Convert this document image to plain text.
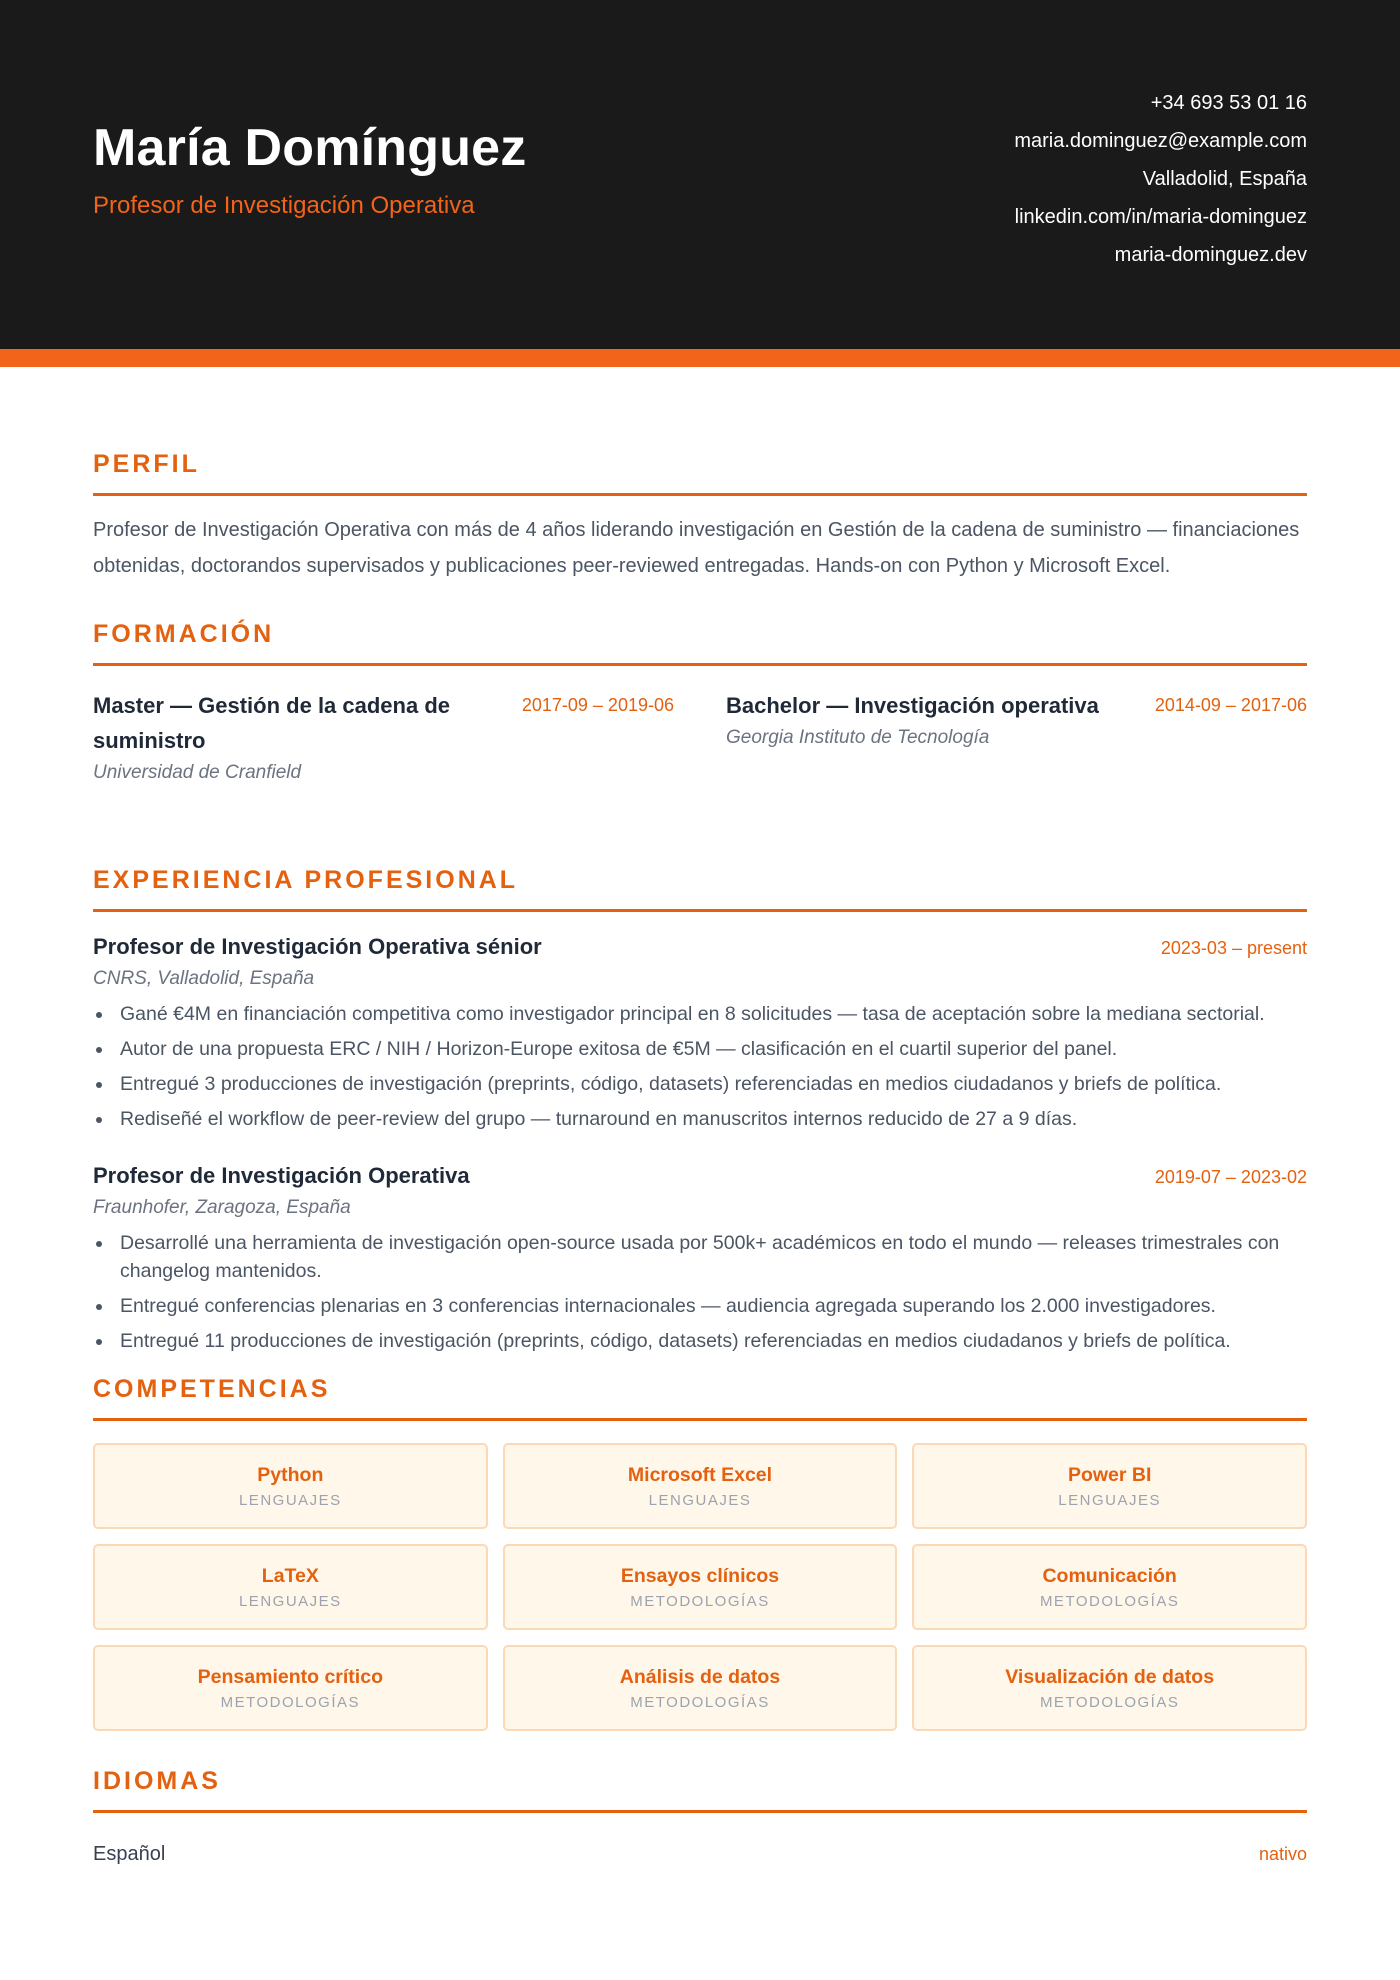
María Domínguez
Profesor de Investigación Operativa
+34 693 53 01 16
maria.dominguez@example.com
Valladolid, España
linkedin.com/in/maria-dominguez
maria-dominguez.dev
PERFIL

Profesor de Investigación Operativa con más de 4 años liderando investigación en Gestión de la cadena de suministro — financiaciones obtenidas, doctorandos supervisados y publicaciones peer-reviewed entregadas. Hands-on con Python y Microsoft Excel.

FORMACIÓN
Master — Gestión de la cadena de suministro
2017-09 – 2019-06
Universidad de Cranfield
Bachelor — Investigación operativa	2014-09 – 2017-06
Georgia Instituto de Tecnología
EXPERIENCIA PROFESIONAL
Profesor de Investigación Operativa sénior	2023-03 – present
CNRS, Valladolid, España
Gané €4M en financiación competitiva como investigador principal en 8 solicitudes — tasa de aceptación sobre la mediana sectorial.
Autor de una propuesta ERC / NIH / Horizon-Europe exitosa de €5M — clasificación en el cuartil superior del panel.
Entregué 3 producciones de investigación (preprints, código, datasets) referenciadas en medios ciudadanos y briefs de política.
Rediseñé el workflow de peer-review del grupo — turnaround en manuscritos internos reducido de 27 a 9 días.
Profesor de Investigación Operativa	2019-07 – 2023-02
Fraunhofer, Zaragoza, España
Desarrollé una herramienta de investigación open-source usada por 500k+ académicos en todo el mundo — releases trimestrales con changelog mantenidos.
Entregué conferencias plenarias en 3 conferencias internacionales — audiencia agregada superando los 2.000 investigadores.
Entregué 11 producciones de investigación (preprints, código, datasets) referenciadas en medios ciudadanos y briefs de política.
COMPETENCIAS
Python
LENGUAJES
Microsoft Excel
LENGUAJES
Power BI
LENGUAJES
LaTeX
LENGUAJES
Ensayos clínicos
METODOLOGÍAS
Comunicación
METODOLOGÍAS
Pensamiento crítico
METODOLOGÍAS
Análisis de datos
METODOLOGÍAS
Visualización de datos
METODOLOGÍAS
IDIOMAS
Español	nativo
